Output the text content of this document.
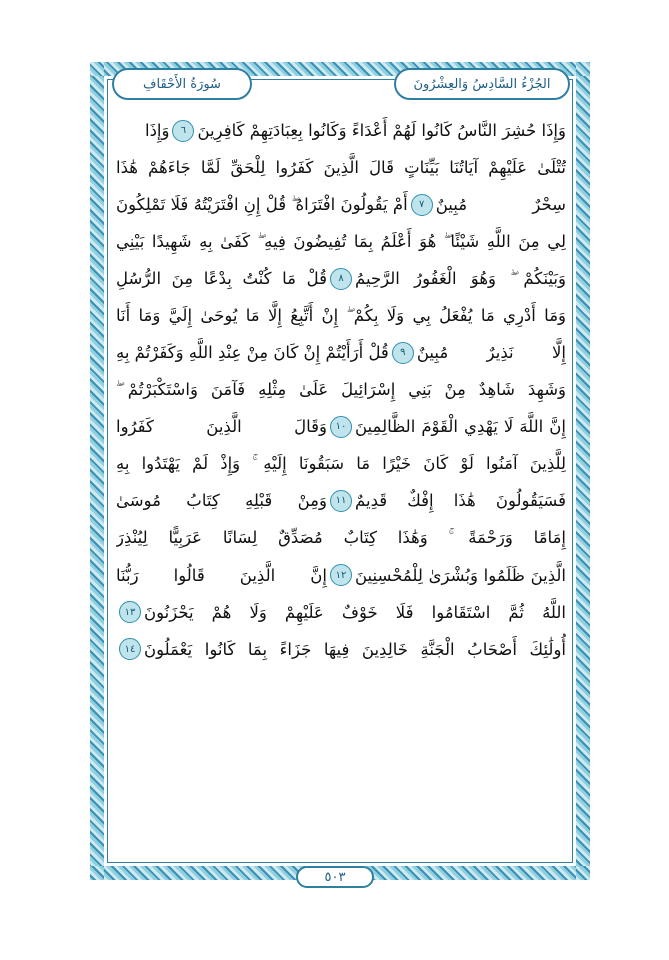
الجُزْءُ السَّادِسُ وَالعِشْرُونَ
سُورَةُ الأَحْقَافِ
وَإِذَا حُشِرَ النَّاسُ كَانُوا لَهُمْ أَعْدَاءً وَكَانُوا بِعِبَادَتِهِمْ كَافِرِينَ
٦
وَإِذَا
تُتْلَىٰ عَلَيْهِمْ آيَاتُنَا بَيِّنَاتٍ قَالَ الَّذِينَ كَفَرُوا لِلْحَقِّ لَمَّا جَاءَهُمْ هَٰذَا
سِحْرٌ مُبِينٌ
٧
أَمْ يَقُولُونَ افْتَرَاهُ ۖ قُلْ إِنِ افْتَرَيْتُهُ فَلَا تَمْلِكُونَ
لِي مِنَ اللَّهِ شَيْئًا ۖ هُوَ أَعْلَمُ بِمَا تُفِيضُونَ فِيهِ ۖ كَفَىٰ بِهِ شَهِيدًا بَيْنِي
وَبَيْنَكُمْ ۖ وَهُوَ الْغَفُورُ الرَّحِيمُ
٨
قُلْ مَا كُنْتُ بِدْعًا مِنَ الرُّسُلِ
وَمَا أَدْرِي مَا يُفْعَلُ بِي وَلَا بِكُمْ ۖ إِنْ أَتَّبِعُ إِلَّا مَا يُوحَىٰ إِلَيَّ وَمَا أَنَا
إِلَّا نَذِيرٌ مُبِينٌ
٩
قُلْ أَرَأَيْتُمْ إِنْ كَانَ مِنْ عِنْدِ اللَّهِ وَكَفَرْتُمْ بِهِ
وَشَهِدَ شَاهِدٌ مِنْ بَنِي إِسْرَائِيلَ عَلَىٰ مِثْلِهِ فَآمَنَ وَاسْتَكْبَرْتُمْ ۖ
إِنَّ اللَّهَ لَا يَهْدِي الْقَوْمَ الظَّالِمِينَ
١٠
وَقَالَ الَّذِينَ كَفَرُوا
لِلَّذِينَ آمَنُوا لَوْ كَانَ خَيْرًا مَا سَبَقُونَا إِلَيْهِ ۚ وَإِذْ لَمْ يَهْتَدُوا بِهِ
فَسَيَقُولُونَ هَٰذَا إِفْكٌ قَدِيمٌ
١١
وَمِنْ قَبْلِهِ كِتَابُ مُوسَىٰ
إِمَامًا وَرَحْمَةً ۚ وَهَٰذَا كِتَابٌ مُصَدِّقٌ لِسَانًا عَرَبِيًّا لِيُنْذِرَ
الَّذِينَ ظَلَمُوا وَبُشْرَىٰ لِلْمُحْسِنِينَ
١٢
إِنَّ الَّذِينَ قَالُوا رَبُّنَا
اللَّهُ ثُمَّ اسْتَقَامُوا فَلَا خَوْفٌ عَلَيْهِمْ وَلَا هُمْ يَحْزَنُونَ
١٣
أُولَٰئِكَ أَصْحَابُ الْجَنَّةِ خَالِدِينَ فِيهَا جَزَاءً بِمَا كَانُوا يَعْمَلُونَ
١٤
٥٠٣
